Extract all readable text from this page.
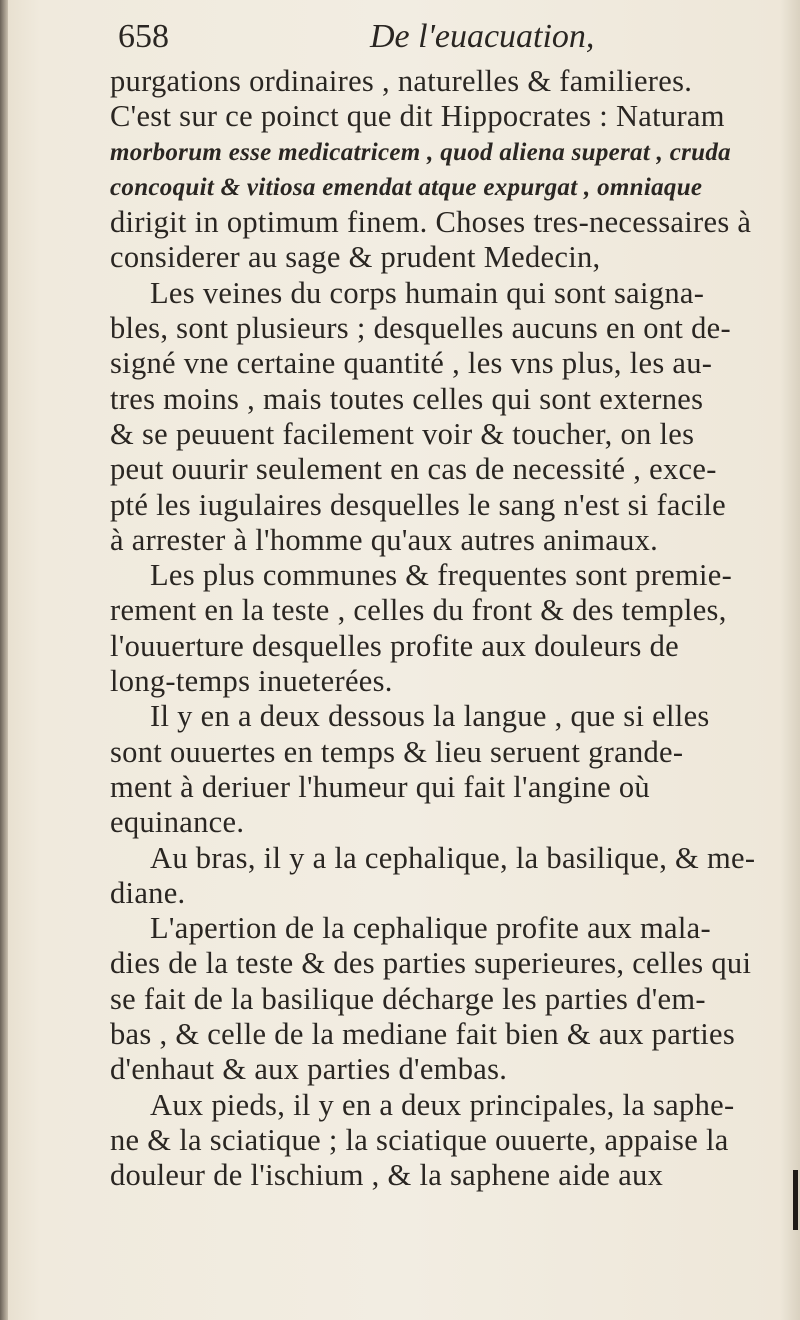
658	De l'euacuation,
purgations ordinaires , naturelles & familieres.
C'est sur ce poinct que dit Hippocrates : Naturam
morborum esse medicatricem , quod aliena superat , cruda
concoquit & vitiosa emendat atque expurgat , omniaque
dirigit in optimum finem. Choses tres-necessaires à
considerer au sage & prudent Medecin,
Les veines du corps humain qui sont saigna-
bles, sont plusieurs ; desquelles aucuns en ont de-
signé vne certaine quantité , les vns plus, les au-
tres moins , mais toutes celles qui sont externes
& se peuuent facilement voir & toucher, on les
peut ouurir seulement en cas de necessité , exce-
pté les iugulaires desquelles le sang n'est si facile
à arrester à l'homme qu'aux autres animaux.
Les plus communes & frequentes sont premie-
rement en la teste , celles du front & des temples,
l'ouuerture desquelles profite aux douleurs de
long-temps inueterées.
Il y en a deux dessous la langue , que si elles
sont ouuertes en temps & lieu seruent grande-
ment à deriuer l'humeur qui fait l'angine où
equinance.
Au bras, il y a la cephalique, la basilique, & me-
diane.
L'apertion de la cephalique profite aux mala-
dies de la teste & des parties superieures, celles qui
se fait de la basilique décharge les parties d'em-
bas , & celle de la mediane fait bien & aux parties
d'enhaut & aux parties d'embas.
Aux pieds, il y en a deux principales, la saphe-
ne & la sciatique ; la sciatique ouuerte, appaise la
douleur de l'ischium , & la saphene aide aux
